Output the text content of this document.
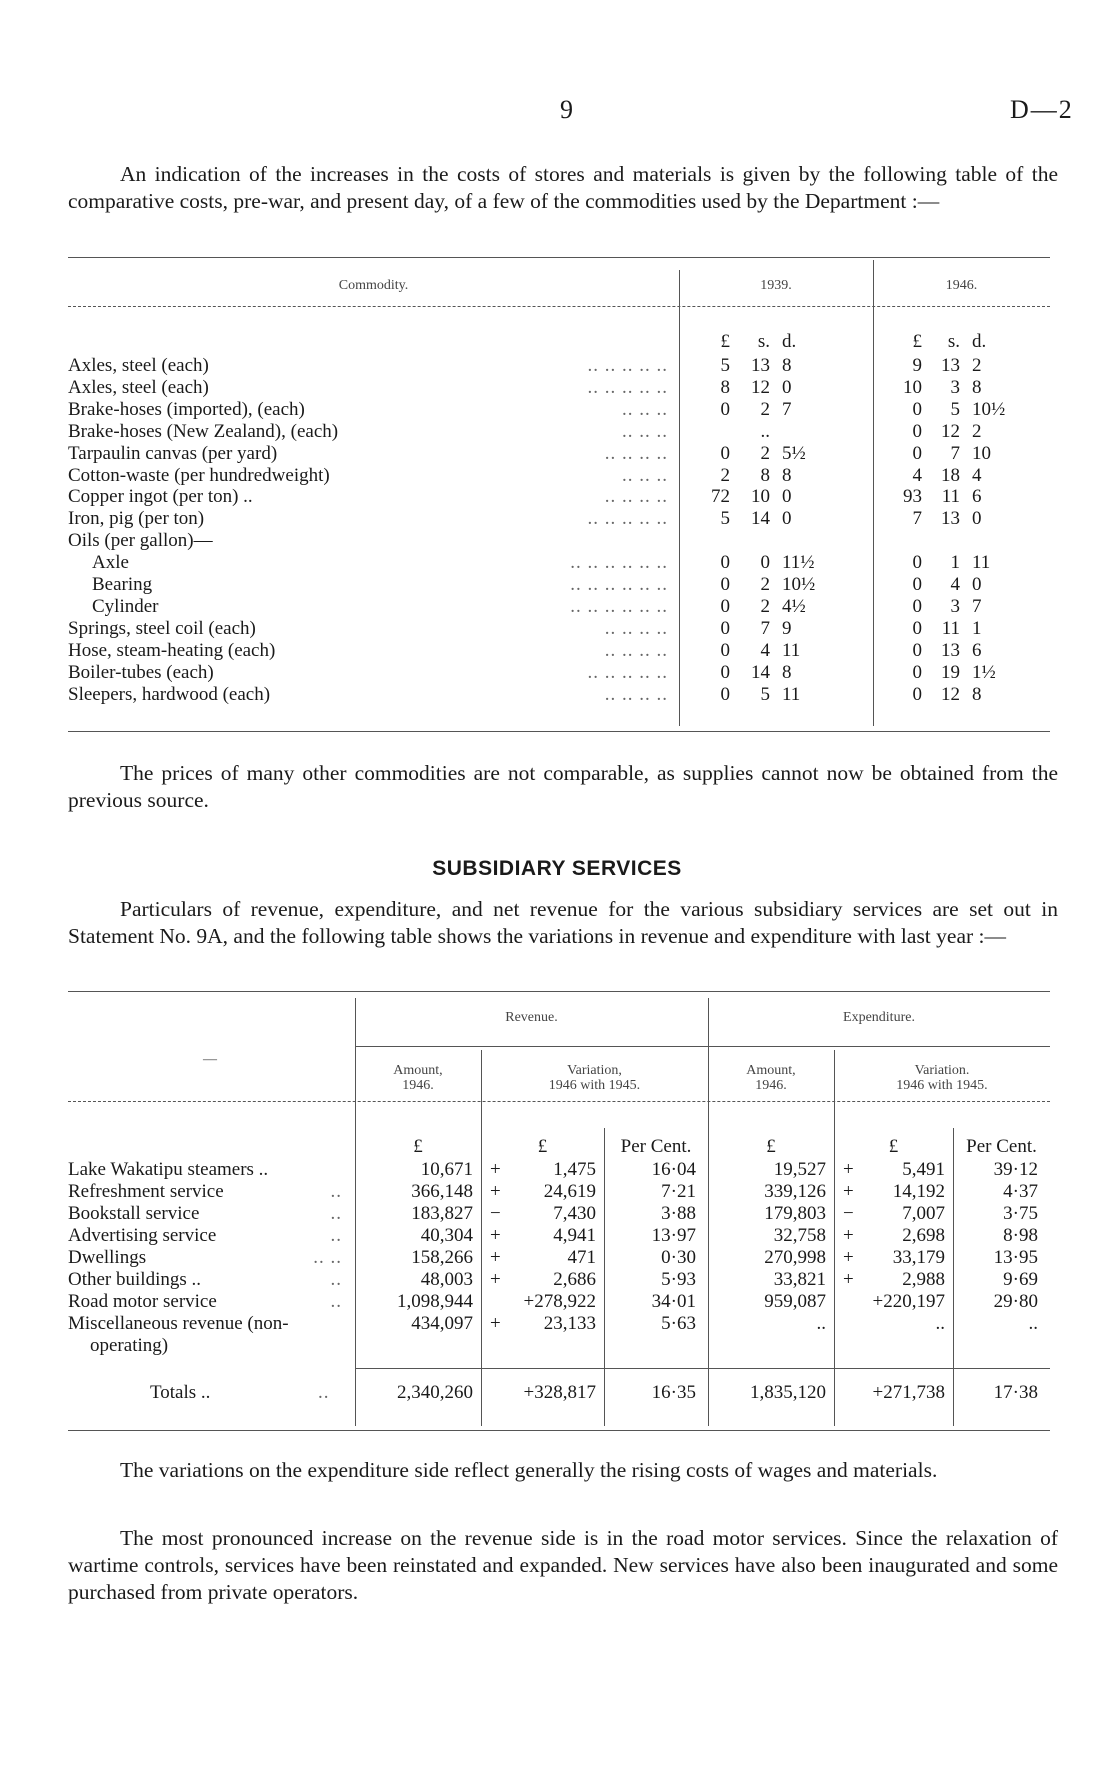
9	D—2
An indication of the increases in the costs of stores and materials is given by the following table of the comparative costs, pre-war, and present day, of a few of the commodities used by the Department :—
Commodity.	1939.	1946.
£	s. d.	£	s. d.
Axles, steel (each)	.. .. .. .. ..	5	13 8	9	13 2
Axles, steel (each)	.. .. .. .. ..	8	12 0	10	3 8
Brake-hoses (imported), (each)	.. .. ..	0	2 7	0	5 10½
Brake-hoses (New Zealand), (each)	.. .. ..	..	0	12 2
Tarpaulin canvas (per yard)	.. .. .. ..	0	2 5½	0	7 10
Cotton-waste (per hundredweight)	.. .. ..	2	8 8	4	18 4
Copper ingot (per ton) ..	.. .. .. ..	72	10 0	93	11 6
Iron, pig (per ton)	.. .. .. .. ..	5	14 0	7	13 0
Oils (per gallon)—
Axle	.. .. .. .. .. ..	0	0 11½	0	1 11
Bearing	.. .. .. .. .. ..	0	2 10½	0	4 0
Cylinder	.. .. .. .. .. ..	0	2 4½	0	3 7
Springs, steel coil (each)	.. .. .. ..	0	7 9	0	11 1
Hose, steam-heating (each)	.. .. .. ..	0	4 11	0	13 6
Boiler-tubes (each)	.. .. .. .. ..	0	14 8	0	19 1½
Sleepers, hardwood (each)	.. .. .. ..	0	5 11	0	12 8
The prices of many other commodities are not comparable, as supplies cannot now be obtained from the previous source.
SUBSIDIARY SERVICES
Particulars of revenue, expenditure, and net revenue for the various subsidiary services are set out in Statement No. 9A, and the following table shows the variations in revenue and expenditure with last year :—
—
Revenue.	Expenditure.
Amount,
1946.
Variation,
1946 with 1945.
Amount,
1946.
Variation.
1946 with 1945.
£	£	Per Cent.	£	£	Per Cent.
Lake Wakatipu steamers ..	10,671 +	1,475	16·04	19,527 +	5,491	39·12
Refreshment service	..	366,148 +	24,619	7·21	339,126 +	14,192	4·37
Bookstall service	..	183,827 −	7,430	3·88	179,803 −	7,007	3·75
Advertising service	..	40,304 +	4,941	13·97	32,758 +	2,698	8·98
Dwellings	.. ..	158,266 +	471	0·30	270,998 +	33,179	13·95
Other buildings ..	..	48,003 +	2,686	5·93	33,821 +	2,988	9·69
Road motor service	..	1,098,944	+278,922	34·01	959,087	+220,197	29·80
Miscellaneous revenue (non-
operating)
434,097 +	23,133	5·63	..	..	..
Totals ..	..	2,340,260	+328,817	16·35	1,835,120	+271,738	17·38
The variations on the expenditure side reflect generally the rising costs of wages and materials.
The most pronounced increase on the revenue side is in the road motor services. Since the relaxation of wartime controls, services have been reinstated and expanded. New services have also been inaugurated and some purchased from private operators.
